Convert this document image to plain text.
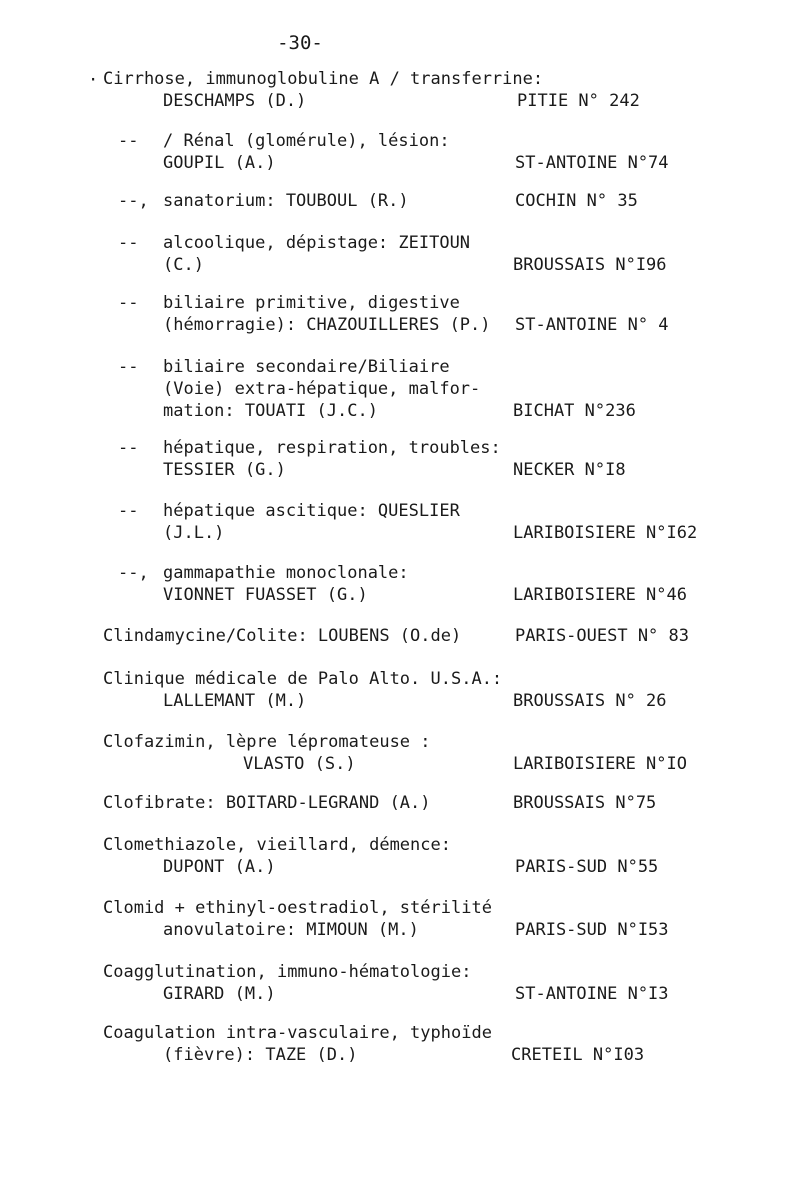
-30-
Cirrhose, immunoglobuline A / transferrine:
DESCHAMPS (D.)	PITIE N° 242
-- / Rénal (glomérule), lésion:
GOUPIL (A.)	ST-ANTOINE N°74
--, sanatorium: TOUBOUL (R.)	COCHIN N° 35
-- alcoolique, dépistage: ZEITOUN
(C.)	BROUSSAIS N°I96
-- biliaire primitive, digestive
(hémorragie): CHAZOUILLERES (P.) ST-ANTOINE N° 4
-- biliaire secondaire/Biliaire
(Voie) extra-hépatique, malfor-
mation: TOUATI (J.C.)	BICHAT N°236
-- hépatique, respiration, troubles:
TESSIER (G.)	NECKER N°I8
-- hépatique ascitique: QUESLIER
(J.L.)	LARIBOISIERE N°I62
--, gammapathie monoclonale:
VIONNET FUASSET (G.)	LARIBOISIERE N°46
Clindamycine/Colite: LOUBENS (O.de)	PARIS-OUEST N° 83
Clinique médicale de Palo Alto. U.S.A.:
LALLEMANT (M.)	BROUSSAIS N° 26
Clofazimin, lèpre lépromateuse :
VLASTO (S.)	LARIBOISIERE N°IO
Clofibrate: BOITARD-LEGRAND (A.)	BROUSSAIS N°75
Clomethiazole, vieillard, démence:
DUPONT (A.)	PARIS-SUD N°55
Clomid + ethinyl-oestradiol, stérilité
anovulatoire: MIMOUN (M.)	PARIS-SUD N°I53
Coagglutination, immuno-hématologie:
GIRARD (M.)	ST-ANTOINE N°I3
Coagulation intra-vasculaire, typhoïde
(fièvre): TAZE (D.)	CRETEIL N°I03
·
